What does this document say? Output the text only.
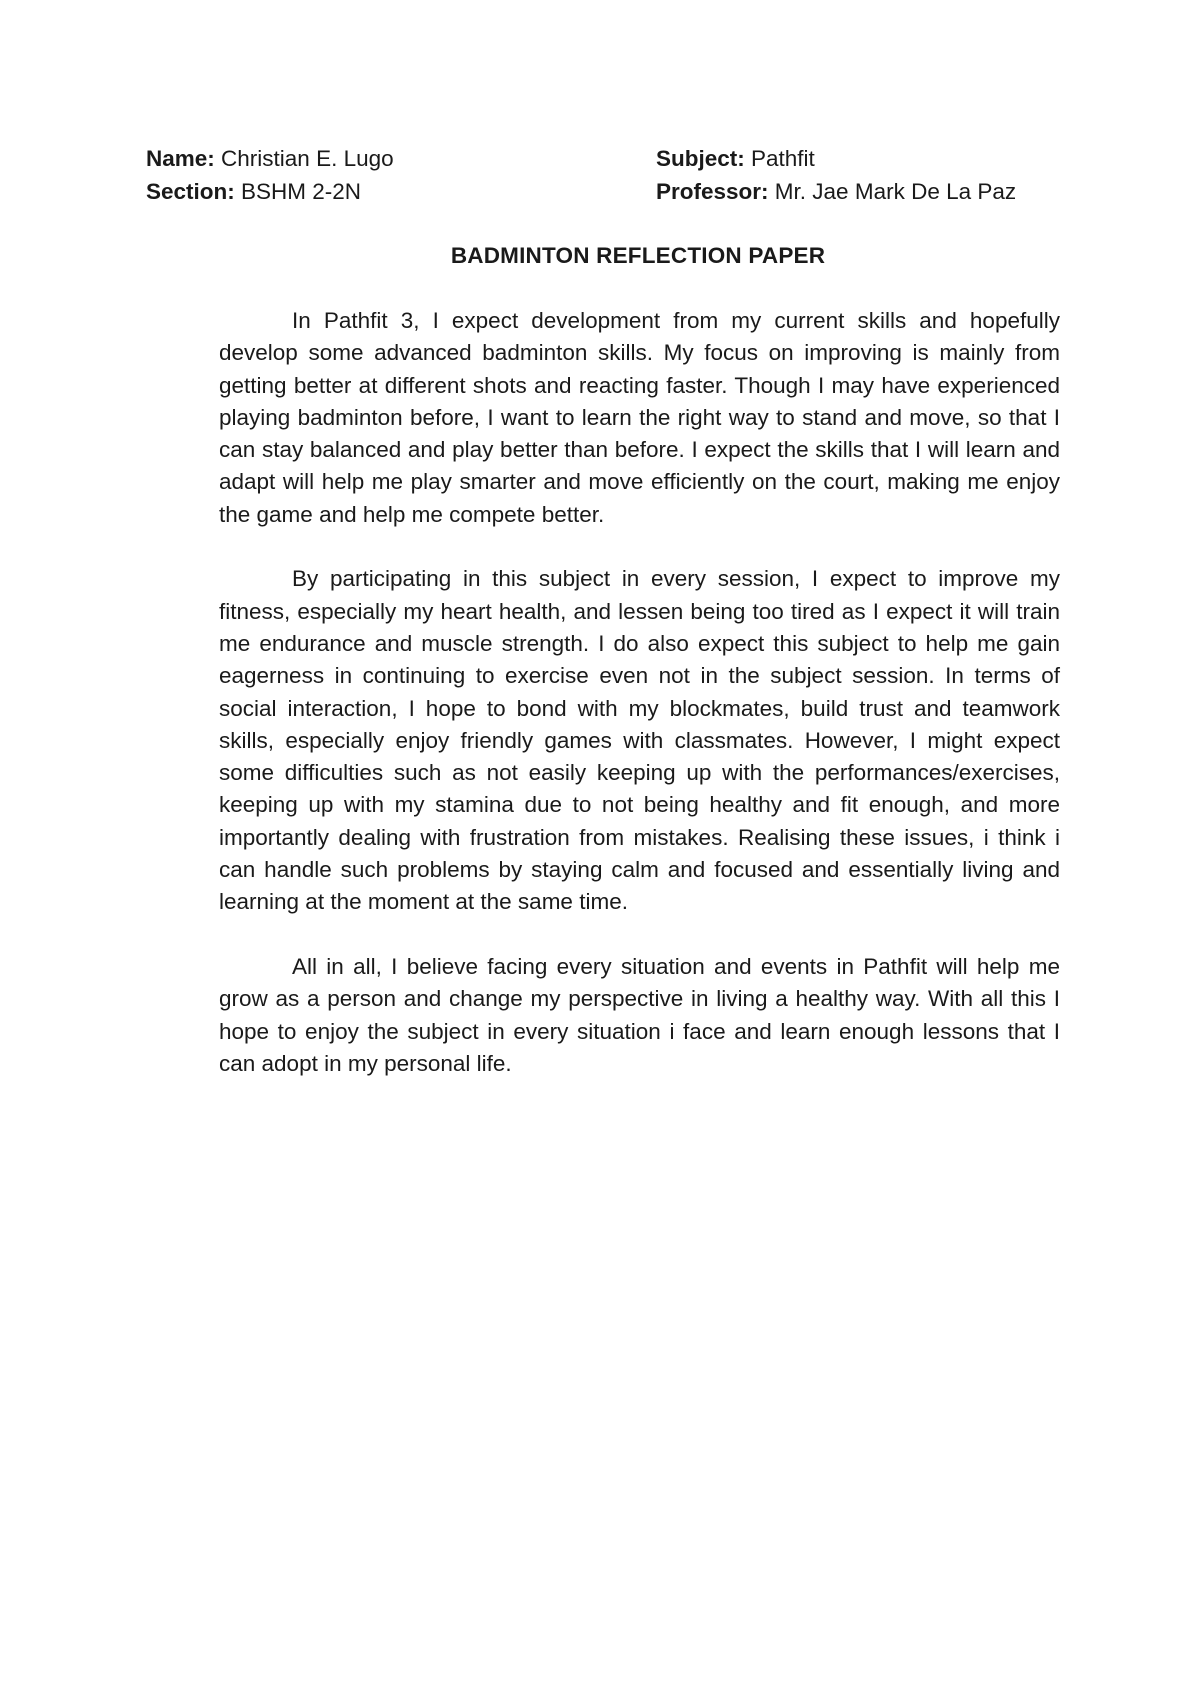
Name: Christian E. Lugo	Subject: Pathfit
Section: BSHM 2-2N	Professor: Mr. Jae Mark De La Paz
BADMINTON REFLECTION PAPER

In Pathfit 3, I expect development from my current skills and hopefully develop some advanced badminton skills. My focus on improving is mainly from getting better at different shots and reacting faster. Though I may have experienced playing badminton before, I want to learn the right way to stand and move, so that I can stay balanced and play better than before. I expect the skills that I will learn and adapt will help me play smarter and move efficiently on the court, making me enjoy the game and help me compete better.

By participating in this subject in every session, I expect to improve my fitness, especially my heart health, and lessen being too tired as I expect it will train me endurance and muscle strength. I do also expect this subject to help me gain eagerness in continuing to exercise even not in the subject session. In terms of social interaction, I hope to bond with my blockmates, build trust and teamwork skills, especially enjoy friendly games with classmates. However, I might expect some difficulties such as not easily keeping up with the performances/exercises, keeping up with my stamina due to not being healthy and fit enough, and more importantly dealing with frustration from mistakes. Realising these issues, i think i can handle such problems by staying calm and focused and essentially living and learning at the moment at the same time.

All in all, I believe facing every situation and events in Pathfit will help me grow as a person and change my perspective in living a healthy way. With all this I hope to enjoy the subject in every situation i face and learn enough lessons that I can adopt in my personal life.
